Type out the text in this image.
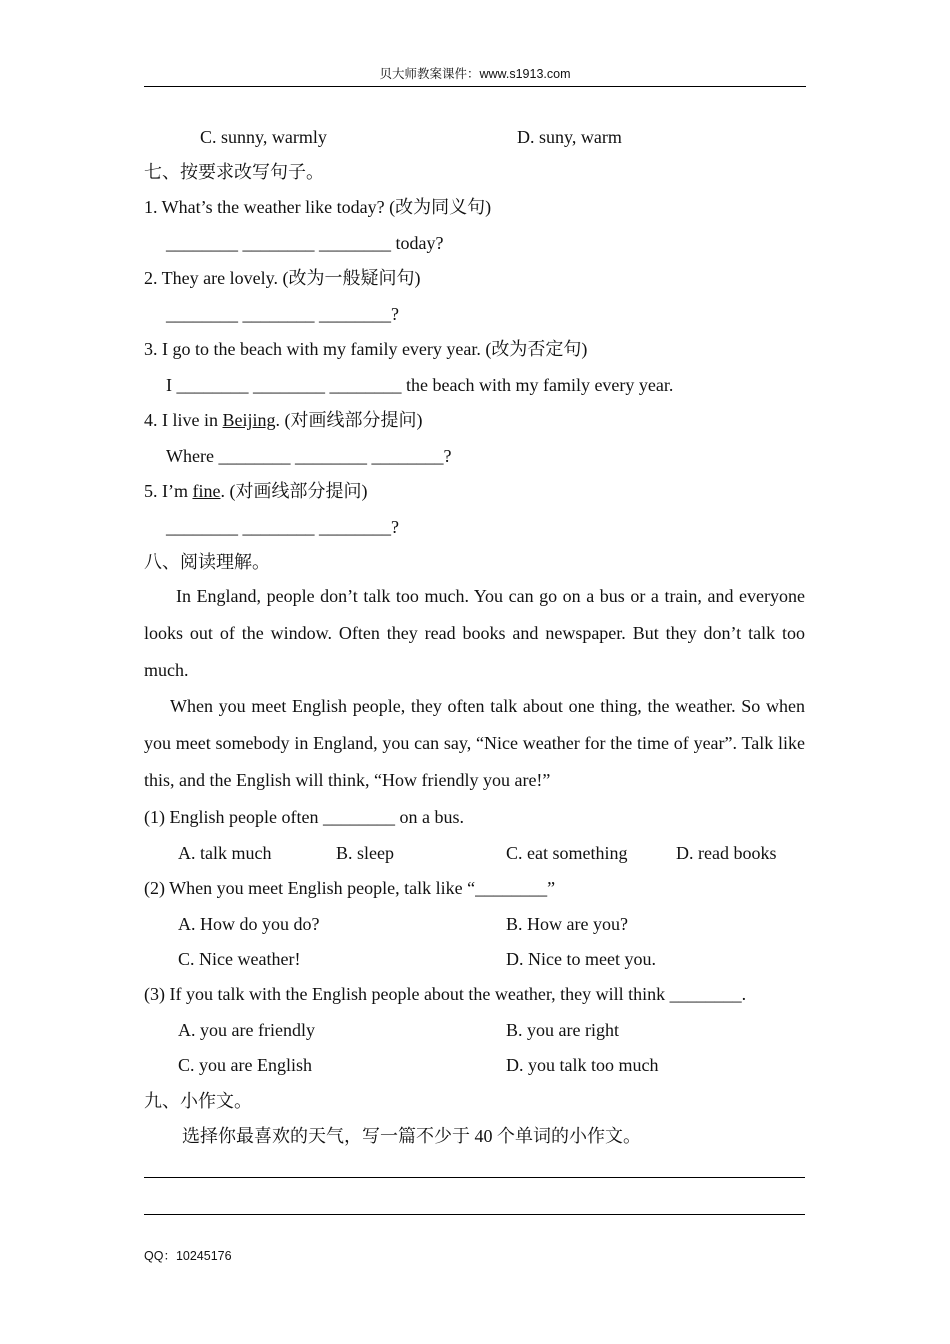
贝大师教案课件：www.s1913.com
C. sunny, warmly	D. suny, warm
七、按要求改写句子。
1. What’s the weather like today? (改为同义句)
________ ________ ________ today?
2. They are lovely. (改为一般疑问句)
________ ________ ________?
3. I go to the beach with my family every year. (改为否定句)
I ________ ________ ________ the beach with my family every year.
4. I live in Beijing. (对画线部分提问)
Where ________ ________ ________?
5. I’m fine. (对画线部分提问)
________ ________ ________?
八、阅读理解。
In England, people don’t talk too much. You can go on a bus or a train, and everyone looks out of the window. Often they read books and newspaper. But they don’t talk too much.
When you meet English people, they often talk about one thing, the weather. So when you meet somebody in England, you can say, “Nice weather for the time of year”. Talk like this, and the English will think, “How friendly you are!”
(1) English people often ________ on a bus.
A. talk much	B. sleep	C. eat something	D. read books
(2) When you meet English people, talk like “________”
A. How do you do?	B. How are you?
C. Nice weather!	D. Nice to meet you.
(3) If you talk with the English people about the weather, they will think ________.
A. you are friendly	B. you are right
C. you are English	D. you talk too much
九、小作文。
选择你最喜欢的天气，写一篇不少于 40 个单词的小作文。
QQ：10245176
